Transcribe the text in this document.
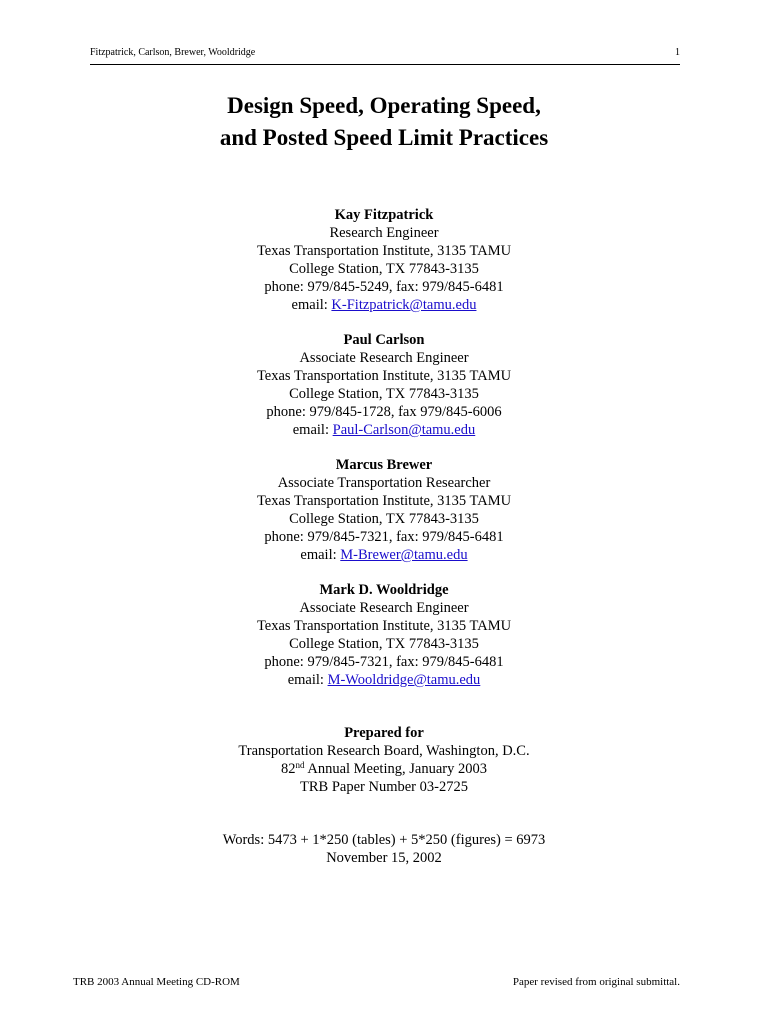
Fitzpatrick, Carlson, Brewer, Wooldridge	1
Design Speed, Operating Speed,
and Posted Speed Limit Practices
Kay Fitzpatrick
Research Engineer
Texas Transportation Institute, 3135 TAMU
College Station, TX 77843-3135
phone: 979/845-5249, fax: 979/845-6481
email: K-Fitzpatrick@tamu.edu
Paul Carlson
Associate Research Engineer
Texas Transportation Institute, 3135 TAMU
College Station, TX 77843-3135
phone: 979/845-1728, fax 979/845-6006
email: Paul-Carlson@tamu.edu
Marcus Brewer
Associate Transportation Researcher
Texas Transportation Institute, 3135 TAMU
College Station, TX 77843-3135
phone: 979/845-7321, fax: 979/845-6481
email: M-Brewer@tamu.edu
Mark D. Wooldridge
Associate Research Engineer
Texas Transportation Institute, 3135 TAMU
College Station, TX 77843-3135
phone: 979/845-7321, fax: 979/845-6481
email: M-Wooldridge@tamu.edu
Prepared for
Transportation Research Board, Washington, D.C.
82nd Annual Meeting, January 2003
TRB Paper Number 03-2725
Words: 5473 + 1*250 (tables) + 5*250 (figures) = 6973
November 15, 2002
TRB 2003 Annual Meeting CD-ROM	Paper revised from original submittal.
